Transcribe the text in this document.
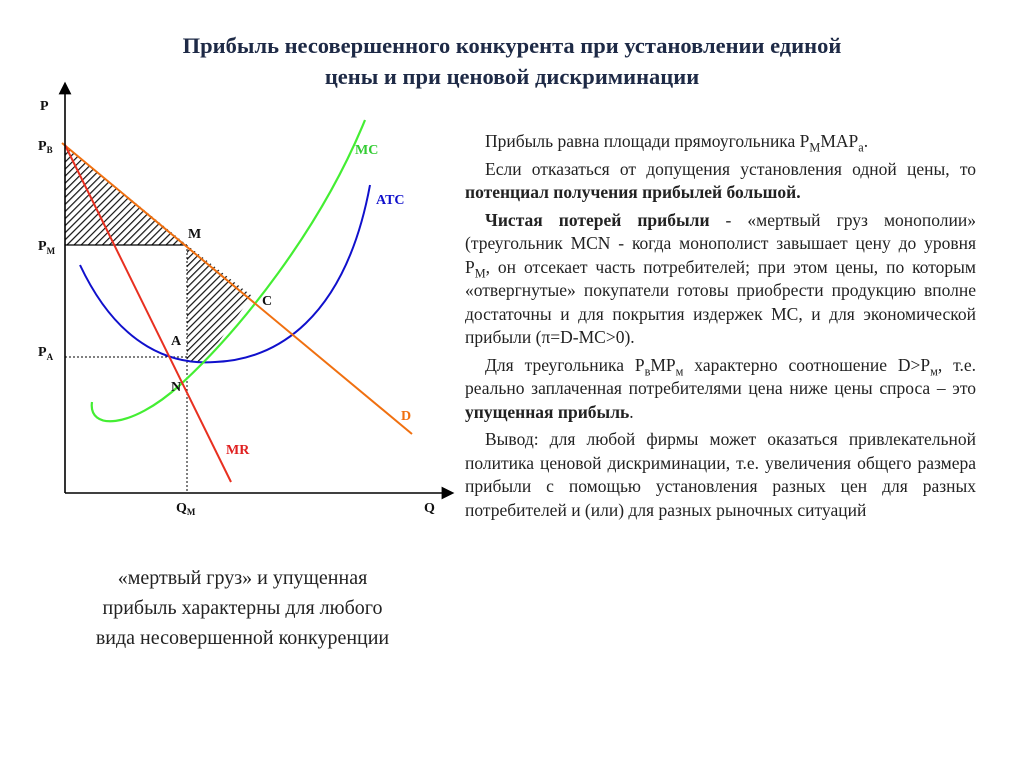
Прибыль несовершенного конкурента при установлении единой
цены и при ценовой дискриминации
P
Q
$P_B$
$P_M$
$P_A$
$Q_M$
M
C
A
N
MC
ATC
D
MR
«мертвый груз» и упущенная
прибыль характерны для любого
вида несовершенной конкуренции

Прибыль равна площади прямоугольника $P_MMAP_a$.

Если отказаться от допущения установления одной цены, то потенциал получения прибылей большой.

Чистая потерей прибыли - «мертвый груз монополии» (треугольник MCN - когда монополист завышает цену до уровня $P_M$, он отсекает часть потребителей; при этом цены, по которым «отвергнутые» покупатели готовы приобрести продукцию вполне достаточны и для покрытия издержек MC, и для экономической прибыли (π=D-MC>0).

Для треугольника $P_вMP_м$ характерно соотношение $D>P_м$, т.е. реально заплаченная потребителями цена ниже цены спроса – это упущенная прибыль.

Вывод: для любой фирмы может оказаться привлекательной политика ценовой дискриминации, т.е. увеличения общего размера прибыли с помощью установления разных цен для разных потребителей и (или) для разных рыночных ситуаций
